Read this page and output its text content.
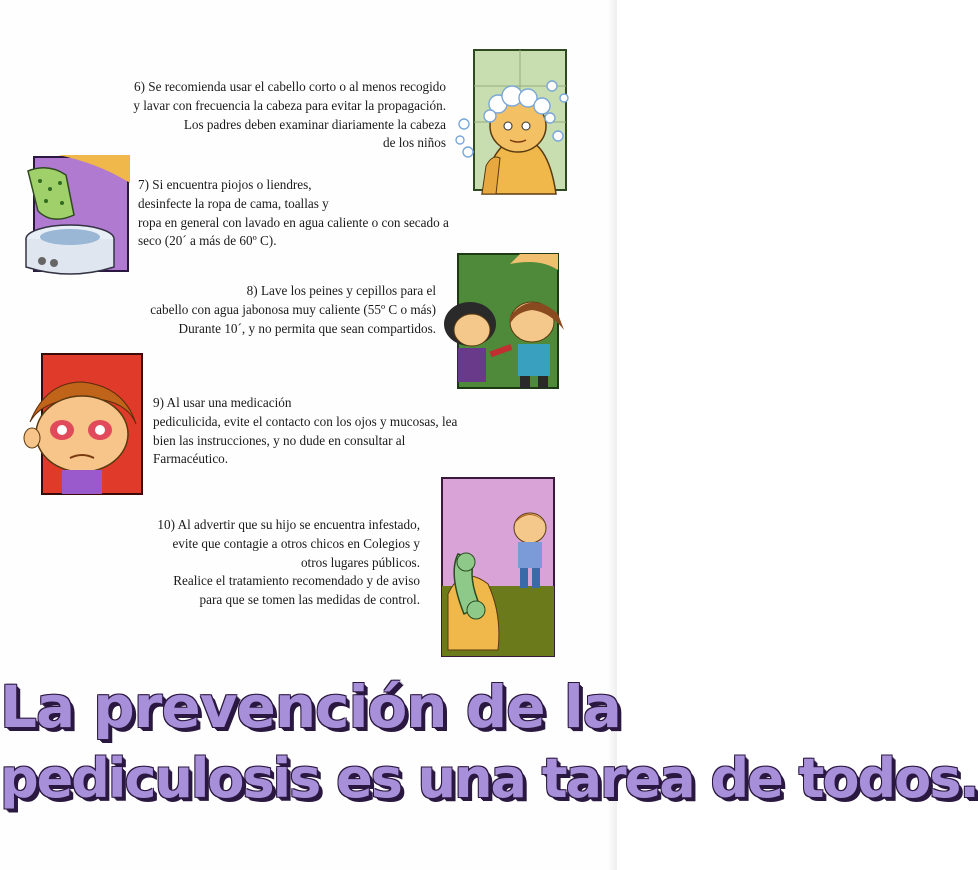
6) Se recomienda usar el cabello corto o al menos recogido

y lavar con frecuencia la cabeza para evitar la propagación.

Los padres deben examinar diariamente la cabeza

de los niños

7) Si encuentra piojos o liendres,

desinfecte la ropa de cama, toallas y

ropa en general con lavado en agua caliente o con secado a

seco (20´ a más de 60º C).

8) Lave los peines y cepillos para el

cabello con agua jabonosa muy caliente (55º C o más)

Durante 10´, y no permita que sean compartidos.

9) Al usar una medicación

pediculicida, evite el contacto con los ojos y mucosas, lea

bien las instrucciones, y no dude en consultar al

Farmacéutico.

10) Al advertir que su hijo se encuentra infestado,

evite que contagie a otros chicos en Colegios y

otros lugares públicos.

Realice el tratamiento recomendado y de aviso

para que se tomen las medidas de control.

La prevención de la

pediculosis es una tarea de todos.
